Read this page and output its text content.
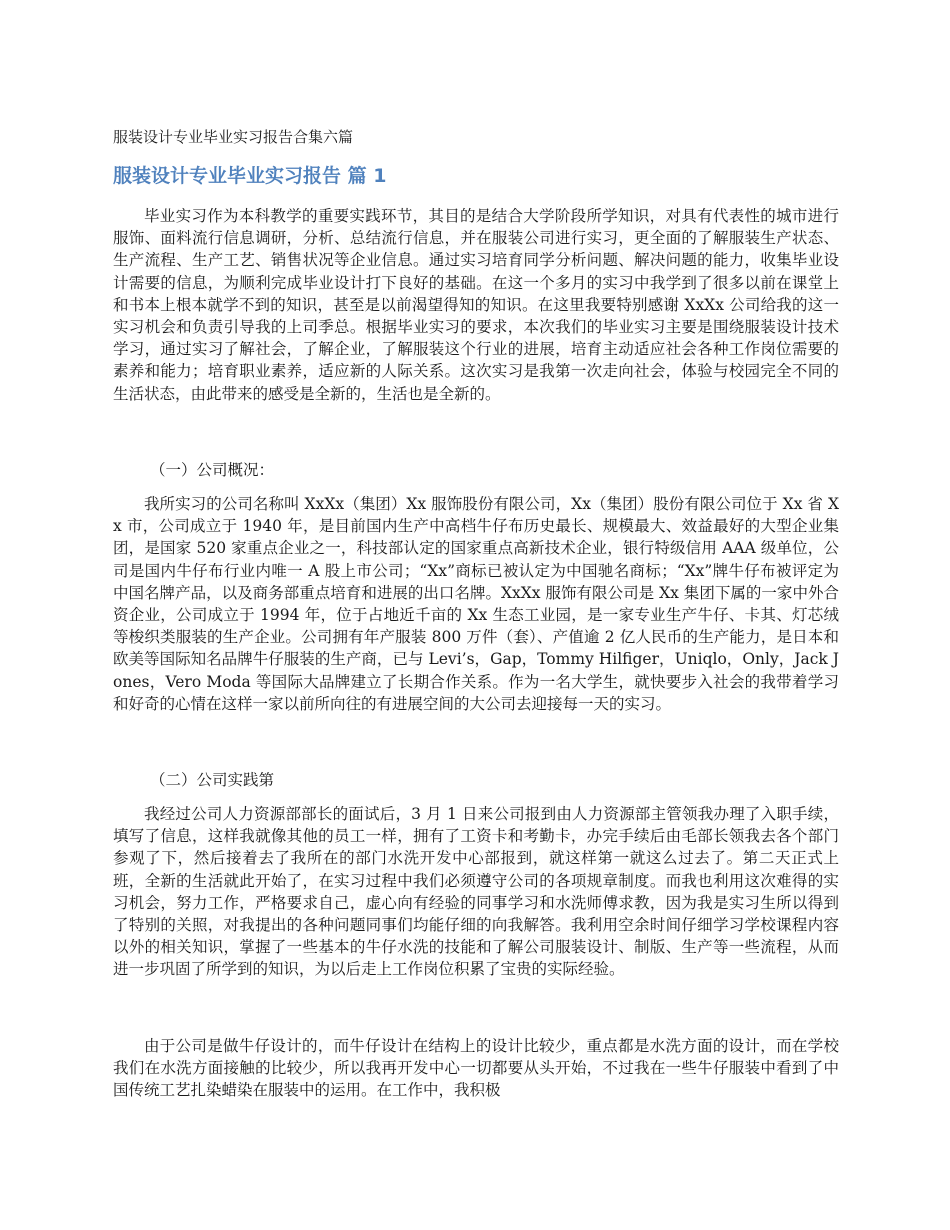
服装设计专业毕业实习报告合集六篇
服装设计专业毕业实习报告 篇 1

毕业实习作为本科教学的重要实践环节，其目的是结合大学阶段所学知识，对具有代表性的城市进行服饰、面料流行信息调研，分析、总结流行信息，并在服装公司进行实习，更全面的了解服装生产状态、生产流程、生产工艺、销售状况等企业信息。通过实习培育同学分析问题、解决问题的能力，收集毕业设计需要的信息，为顺利完成毕业设计打下良好的基础。在这一个多月的实习中我学到了很多以前在课堂上和书本上根本就学不到的知识，甚至是以前渴望得知的知识。在这里我要特别感谢 XxXx 公司给我的这一实习机会和负责引导我的上司季总。根据毕业实习的要求，本次我们的毕业实习主要是围绕服装设计技术学习，通过实习了解社会，了解企业，了解服装这个行业的进展，培育主动适应社会各种工作岗位需要的素养和能力；培育职业素养，适应新的人际关系。这次实习是我第一次走向社会，体验与校园完全不同的生活状态，由此带来的感受是全新的，生活也是全新的。

（一）公司概况：

我所实习的公司名称叫 XxXx（集团）Xx 服饰股份有限公司，Xx（集团）股份有限公司位于 Xx 省 Xx 市，公司成立于 1940 年，是目前国内生产中高档牛仔布历史最长、规模最大、效益最好的大型企业集团，是国家 520 家重点企业之一，科技部认定的国家重点高新技术企业，银行特级信用 AAA 级单位，公司是国内牛仔布行业内唯一 A 股上市公司；“Xx”商标已被认定为中国驰名商标；“Xx”牌牛仔布被评定为中国名牌产品，以及商务部重点培育和进展的出口名牌。XxXx 服饰有限公司是 Xx 集团下属的一家中外合资企业，公司成立于 1994 年，位于占地近千亩的 Xx 生态工业园，是一家专业生产牛仔、卡其、灯芯绒等梭织类服装的生产企业。公司拥有年产服装 800 万件（套）、产值逾 2 亿人民币的生产能力，是日本和欧美等国际知名品牌牛仔服装的生产商，已与 Levi’s，Gap，Tommy Hilfiger，Uniqlo，Only，Jack Jones，Vero Moda 等国际大品牌建立了长期合作关系。作为一名大学生，就快要步入社会的我带着学习和好奇的心情在这样一家以前所向往的有进展空间的大公司去迎接每一天的实习。

（二）公司实践第

我经过公司人力资源部部长的面试后，3 月 1 日来公司报到由人力资源部主管领我办理了入职手续，填写了信息，这样我就像其他的员工一样，拥有了工资卡和考勤卡，办完手续后由毛部长领我去各个部门参观了下，然后接着去了我所在的部门水洗开发中心部报到，就这样第一就这么过去了。第二天正式上班，全新的生活就此开始了，在实习过程中我们必须遵守公司的各项规章制度。而我也利用这次难得的实习机会，努力工作，严格要求自己，虚心向有经验的同事学习和水洗师傅求教，因为我是实习生所以得到了特别的关照，对我提出的各种问题同事们均能仔细的向我解答。我利用空余时间仔细学习学校课程内容以外的相关知识，掌握了一些基本的牛仔水洗的技能和了解公司服装设计、制版、生产等一些流程，从而进一步巩固了所学到的知识，为以后走上工作岗位积累了宝贵的实际经验。

由于公司是做牛仔设计的，而牛仔设计在结构上的设计比较少，重点都是水洗方面的设计，而在学校我们在水洗方面接触的比较少，所以我再开发中心一切都要从头开始，不过我在一些牛仔服装中看到了中国传统工艺扎染蜡染在服装中的运用。在工作中，我积极
